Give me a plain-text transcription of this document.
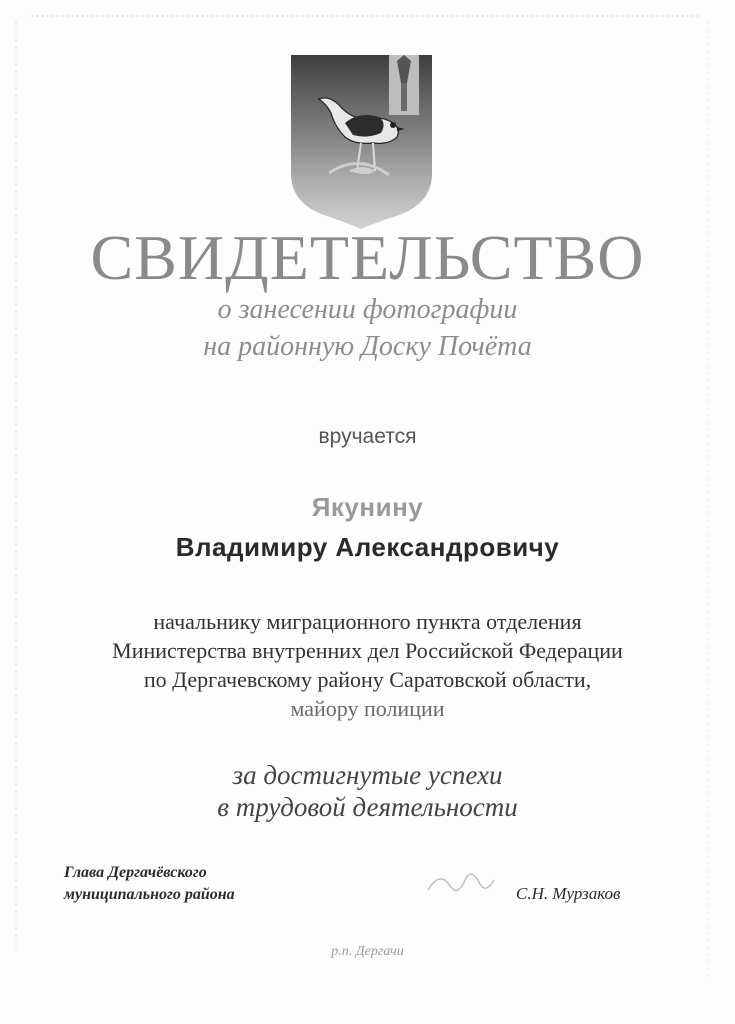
СВИДЕТЕЛЬСТВО
о занесении фотографии
на районную Доску Почёта
вручается
Якунину
Владимиру Александровичу
начальнику миграционного пункта отделения
Министерства внутренних дел Российской Федерации
по Дергачевскому району Саратовской области,
майору полиции
за достигнутые успехи
в трудовой деятельности
Глава Дергачёвского
муниципального района	С.Н. Мурзаков
р.п. Дергачи
